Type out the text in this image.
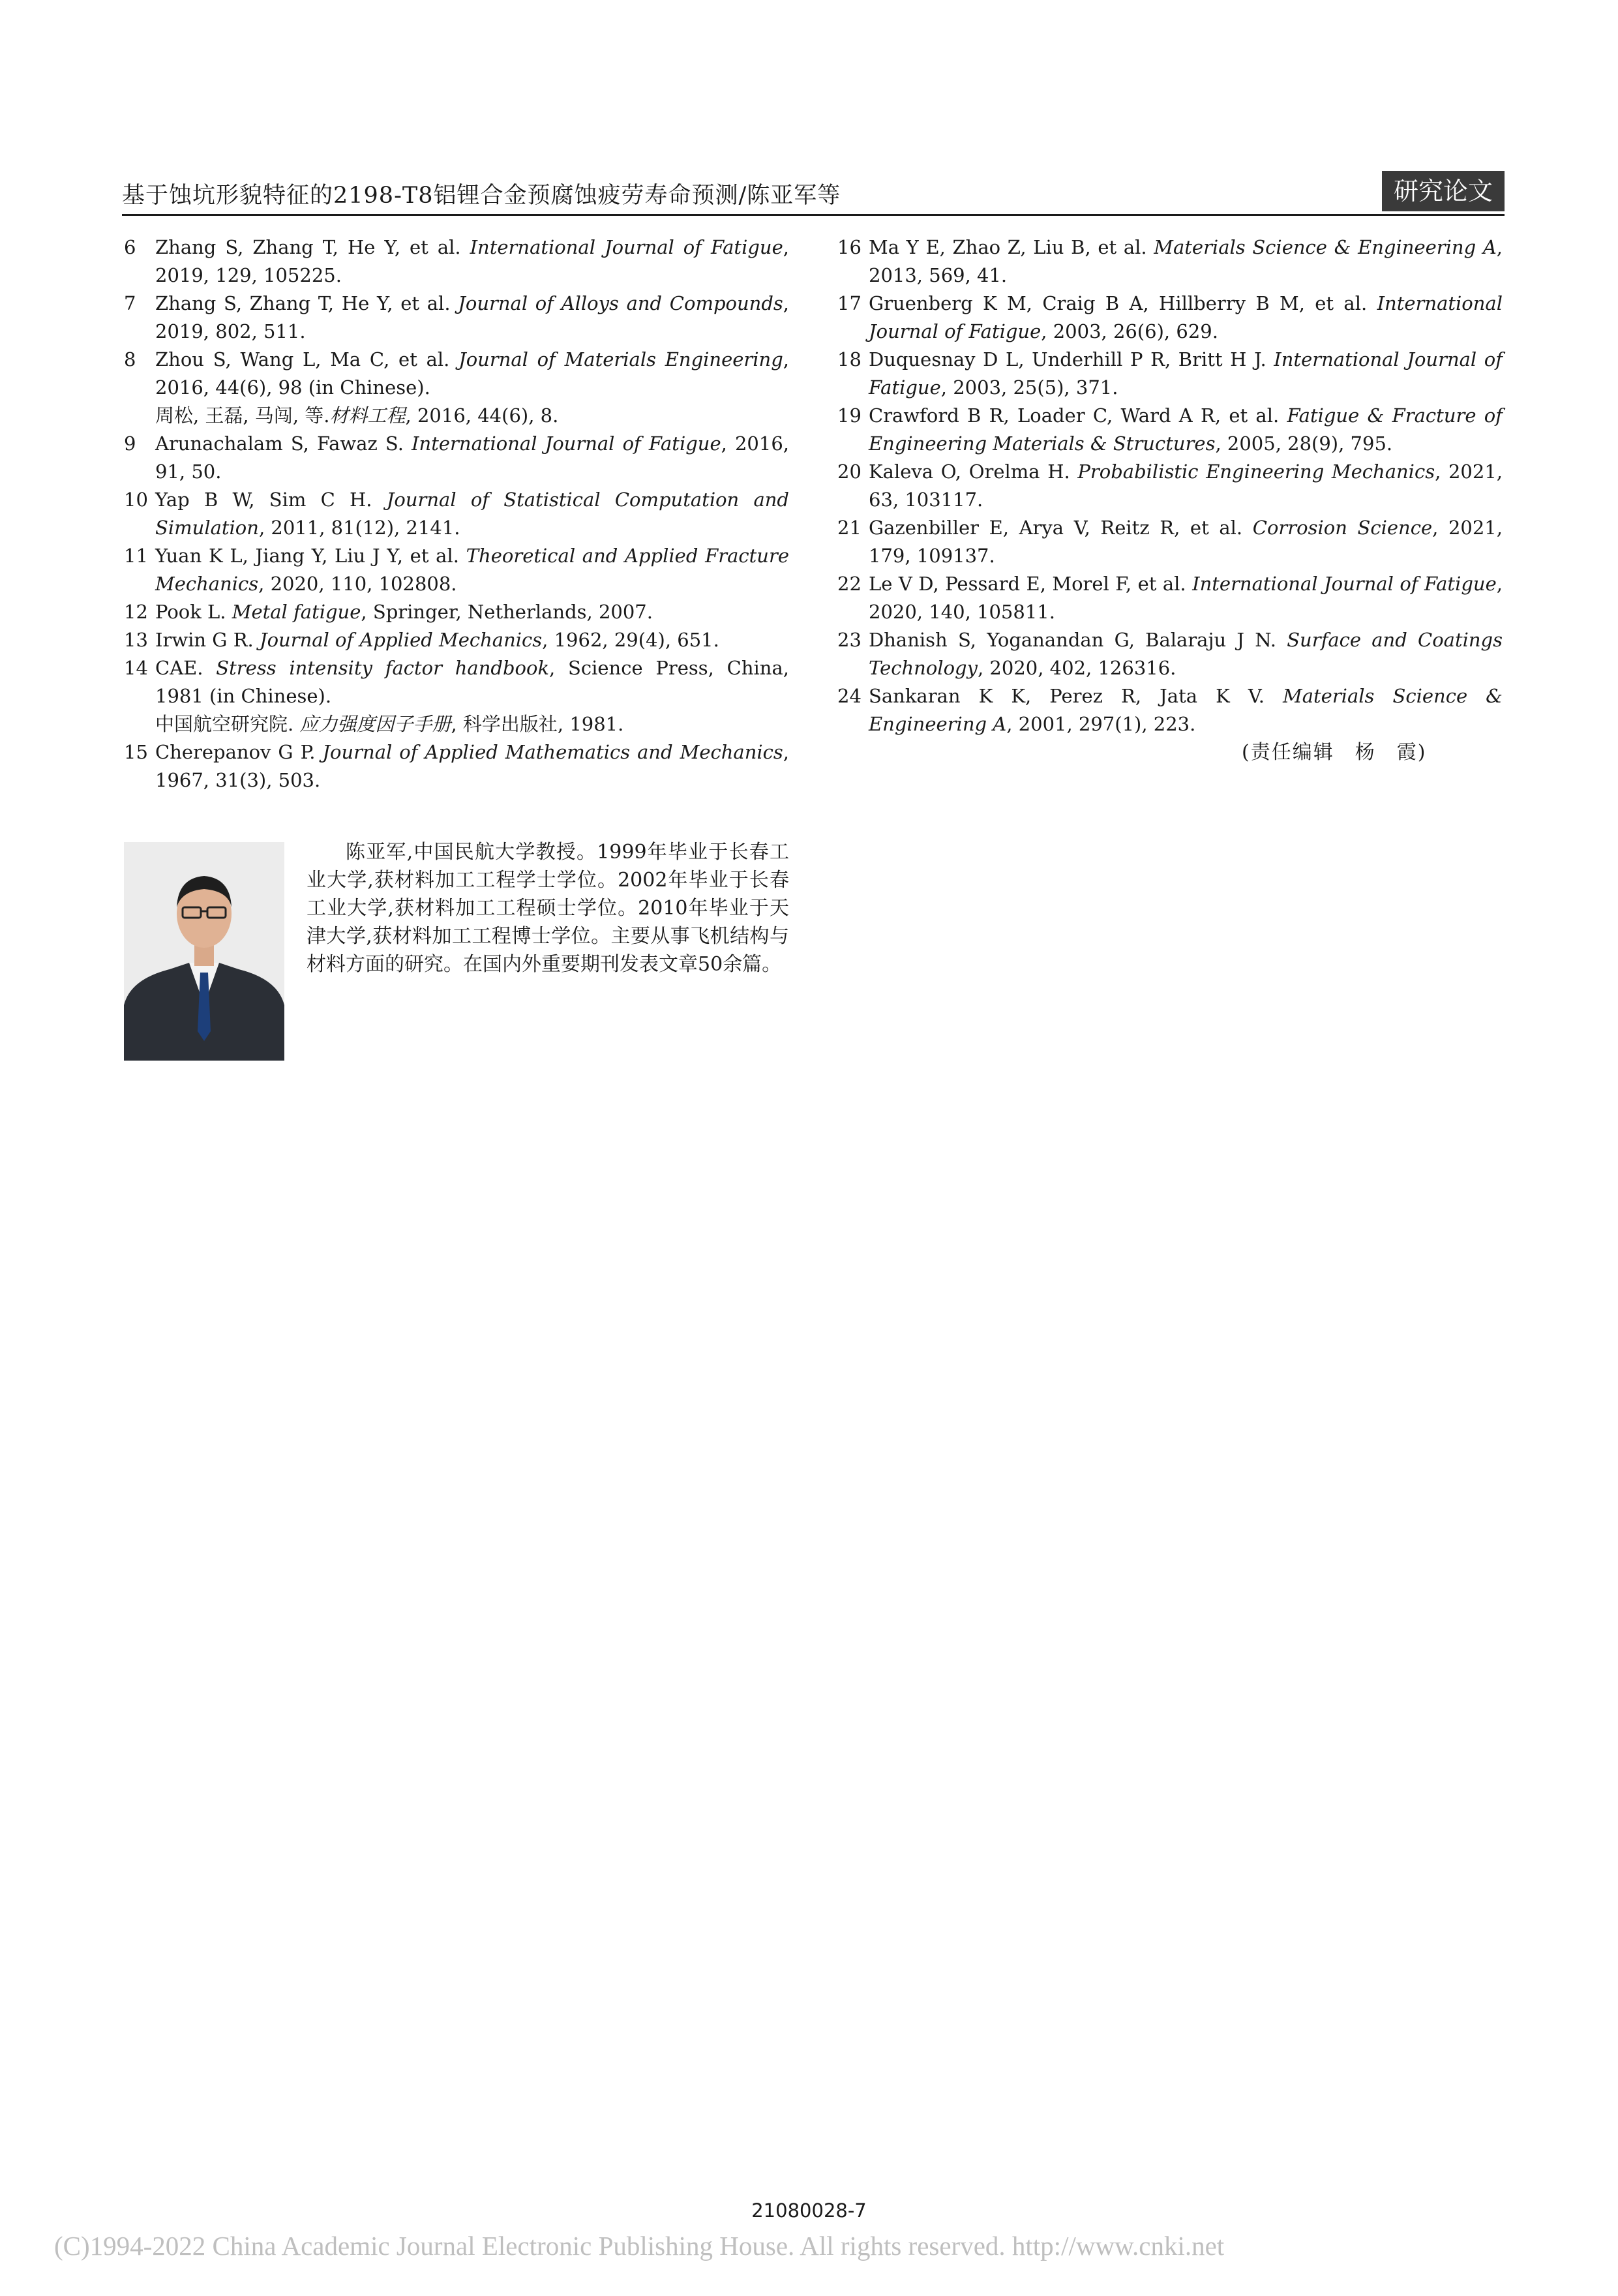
基于蚀坑形貌特征的2198-T8铝锂合金预腐蚀疲劳寿命预测/陈亚军等	研究论文
6	Zhang S, Zhang T, He Y, et al. International Journal of Fatigue, 2019, 129, 105225.
7	Zhang S, Zhang T, He Y, et al. Journal of Alloys and Compounds, 2019, 802, 511.
8	Zhou S, Wang L, Ma C, et al. Journal of Materials Engineering, 2016, 44(6), 98 (in Chinese).
周松, 王磊, 马闯, 等.材料工程, 2016, 44(6), 8.
9	Arunachalam S, Fawaz S. International Journal of Fatigue, 2016, 91, 50.
10 Yap B W, Sim C H. Journal of Statistical Computation and Simulation, 2011, 81(12), 2141.
11 Yuan K L, Jiang Y, Liu J Y, et al. Theoretical and Applied Fracture Mechanics, 2020, 110, 102808.
12 Pook L. Metal fatigue, Springer, Netherlands, 2007.
13 Irwin G R. Journal of Applied Mechanics, 1962, 29(4), 651.
14 CAE. Stress intensity factor handbook, Science Press, China, 1981 (in Chinese).
中国航空研究院. 应力强度因子手册, 科学出版社, 1981.
15 Cherepanov G P. Journal of Applied Mathematics and Mechanics, 1967, 31(3), 503.
16 Ma Y E, Zhao Z, Liu B, et al. Materials Science & Engineering A, 2013, 569, 41.
17 Gruenberg K M, Craig B A, Hillberry B M, et al. International Journal of Fatigue, 2003, 26(6), 629.
18 Duquesnay D L, Underhill P R, Britt H J. International Journal of Fatigue, 2003, 25(5), 371.
19 Crawford B R, Loader C, Ward A R, et al. Fatigue & Fracture of Engineering Materials & Structures, 2005, 28(9), 795.
20 Kaleva O, Orelma H. Probabilistic Engineering Mechanics, 2021, 63, 103117.
21 Gazenbiller E, Arya V, Reitz R, et al. Corrosion Science, 2021, 179, 109137.
22 Le V D, Pessard E, Morel F, et al. International Journal of Fatigue, 2020, 140, 105811.
23 Dhanish S, Yoganandan G, Balaraju J N. Surface and Coatings Technology, 2020, 402, 126316.
24 Sankaran K K, Perez R, Jata K V. Materials Science & Engineering A, 2001, 297(1), 223.
(责任编辑　杨　霞)
陈亚军,中国民航大学教授。1999年毕业于长春工业大学,获材料加工工程学士学位。2002年毕业于长春工业大学,获材料加工工程硕士学位。2010年毕业于天津大学,获材料加工工程博士学位。主要从事飞机结构与材料方面的研究。在国内外重要期刊发表文章50余篇。
21080028-7
(C)1994-2022 China Academic Journal Electronic Publishing House. All rights reserved. http://www.cnki.net
